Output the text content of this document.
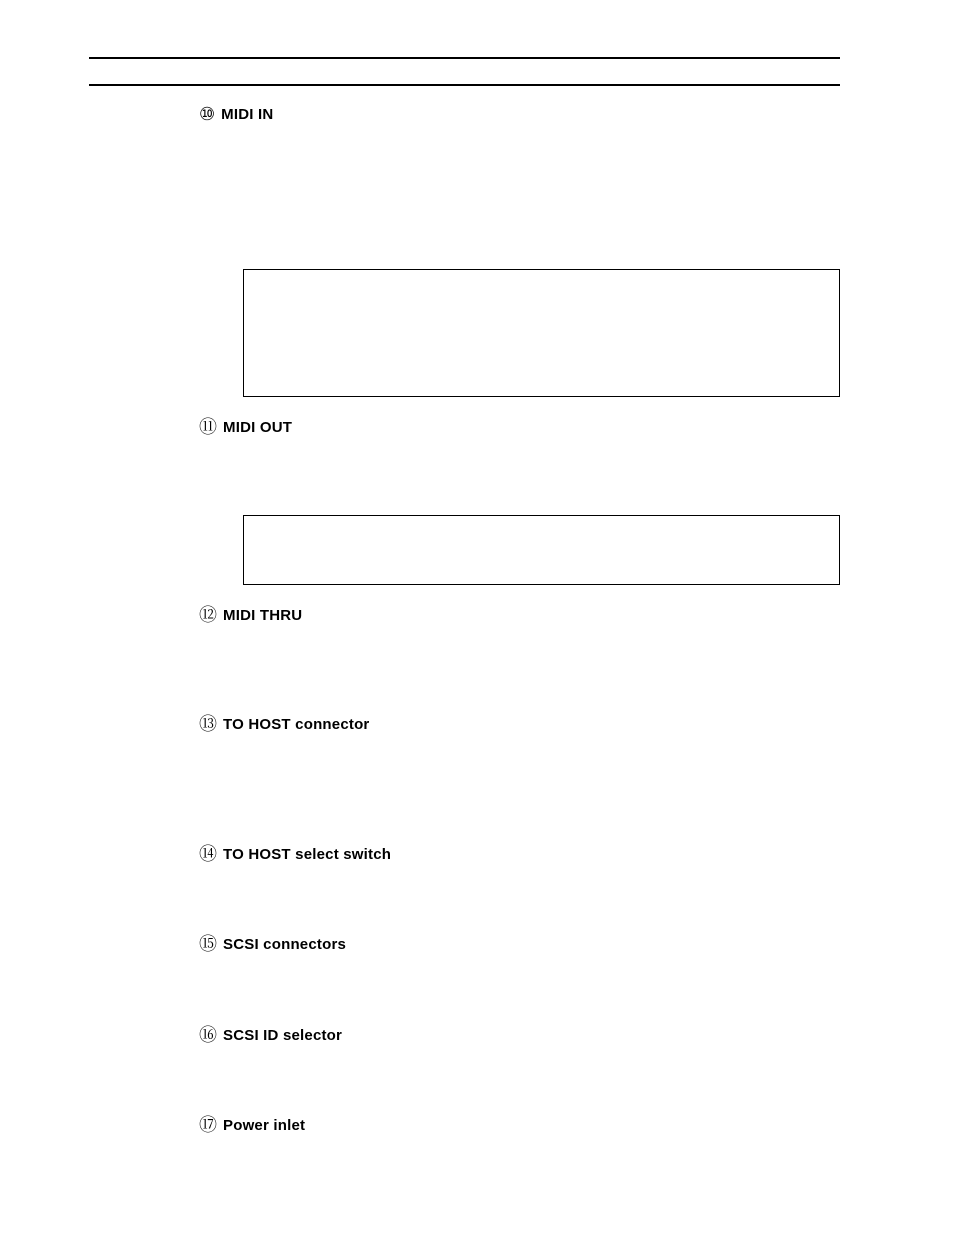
⑩ MIDI IN
⑪ MIDI OUT
⑫ MIDI THRU
⑬ TO HOST connector
⑭ TO HOST select switch
⑮ SCSI connectors
⑯ SCSI ID selector
⑰ Power inlet
